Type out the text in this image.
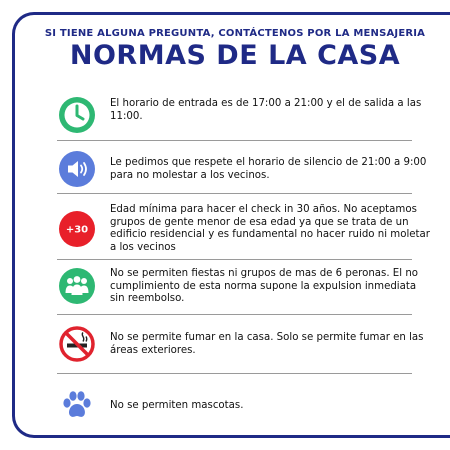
SI TIENE ALGUNA PREGUNTA, CONTÁCTENOS POR LA MENSAJERIA
NORMAS DE LA CASA
El horario de entrada es de 17:00 a 21:00 y el de salida a las 11:00.
Le pedimos que respete el horario de silencio de 21:00 a 9:00 para no molestar a los vecinos.
+30
Edad mínima para hacer el check in 30 años. No aceptamos grupos de gente menor de esa edad ya que se trata de un edificio residencial y es fundamental no hacer ruido ni moletar a los vecinos
No se permiten fiestas ni grupos de mas de 6 peronas. El no cumplimiento de esta norma supone la expulsion inmediata sin reembolso.
No se permite fumar en la casa. Solo se permite fumar en las áreas exteriores.
No se permiten mascotas.
